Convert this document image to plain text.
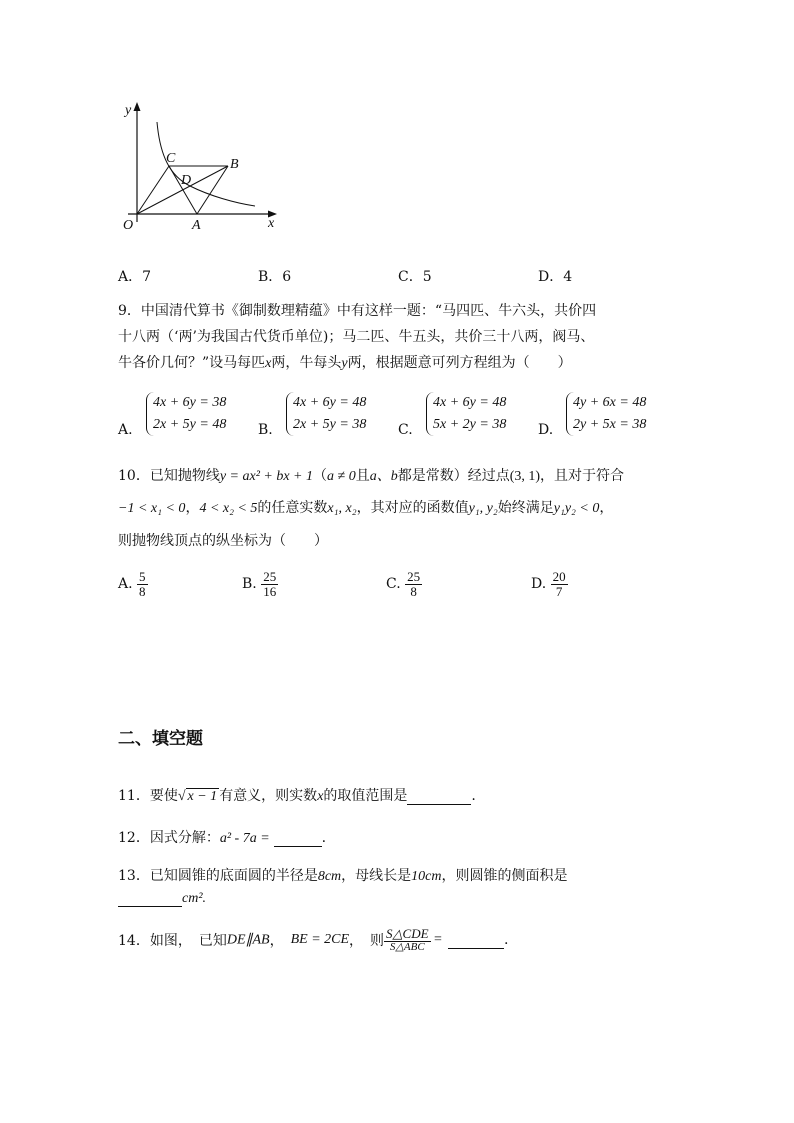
y
x
O	A
B
C
D
A．7	B．6	C．5	D．4
9．中国清代算书《御制数理精蕴》中有这样一题：“马四匹、牛六头，共价四
十八两（‘两’为我国古代货币单位)；马二匹、牛五头，共价三十八两，阀马、
牛各价几何？”设马每匹x两，牛每头y两，根据题意可列方程组为（　　）
A.
4x + 6y = 38
2x + 5y = 48 B.
4x + 6y = 48
2x + 5y = 38 C.
4x + 6y = 48
5x + 2y = 38 D.
4y + 6x = 48
2y + 5x = 38
10．已知抛物线y = ax² + bx + 1（a ≠ 0且a、b都是常数）经过点(3, 1)，且对于符合
−1 < x₁ < 0，4 < x₂ < 5的任意实数x₁, x₂，其对应的函数值y₁, y₂始终满足y₁y₂ < 0，
则抛物线顶点的纵坐标为（　　）
A. $\frac{5}{8}$	B. $\frac{25}{16}$	C. $\frac{25}{8}$	D. $\frac{20}{7}$
二、填空题
11．要使√ x − 1 有意义，则实数x的取值范围是	.
12．因式分解：a² - 7a =	.
13．已知圆锥的底面圆的半径是8cm，母线长是10cm，则圆锥的侧面积是
cm².
14．如图，　已知DE∥AB，　BE = 2CE，　则 $\frac{\text{S△CDE}}{\text{S△ABC}}$ =	.
